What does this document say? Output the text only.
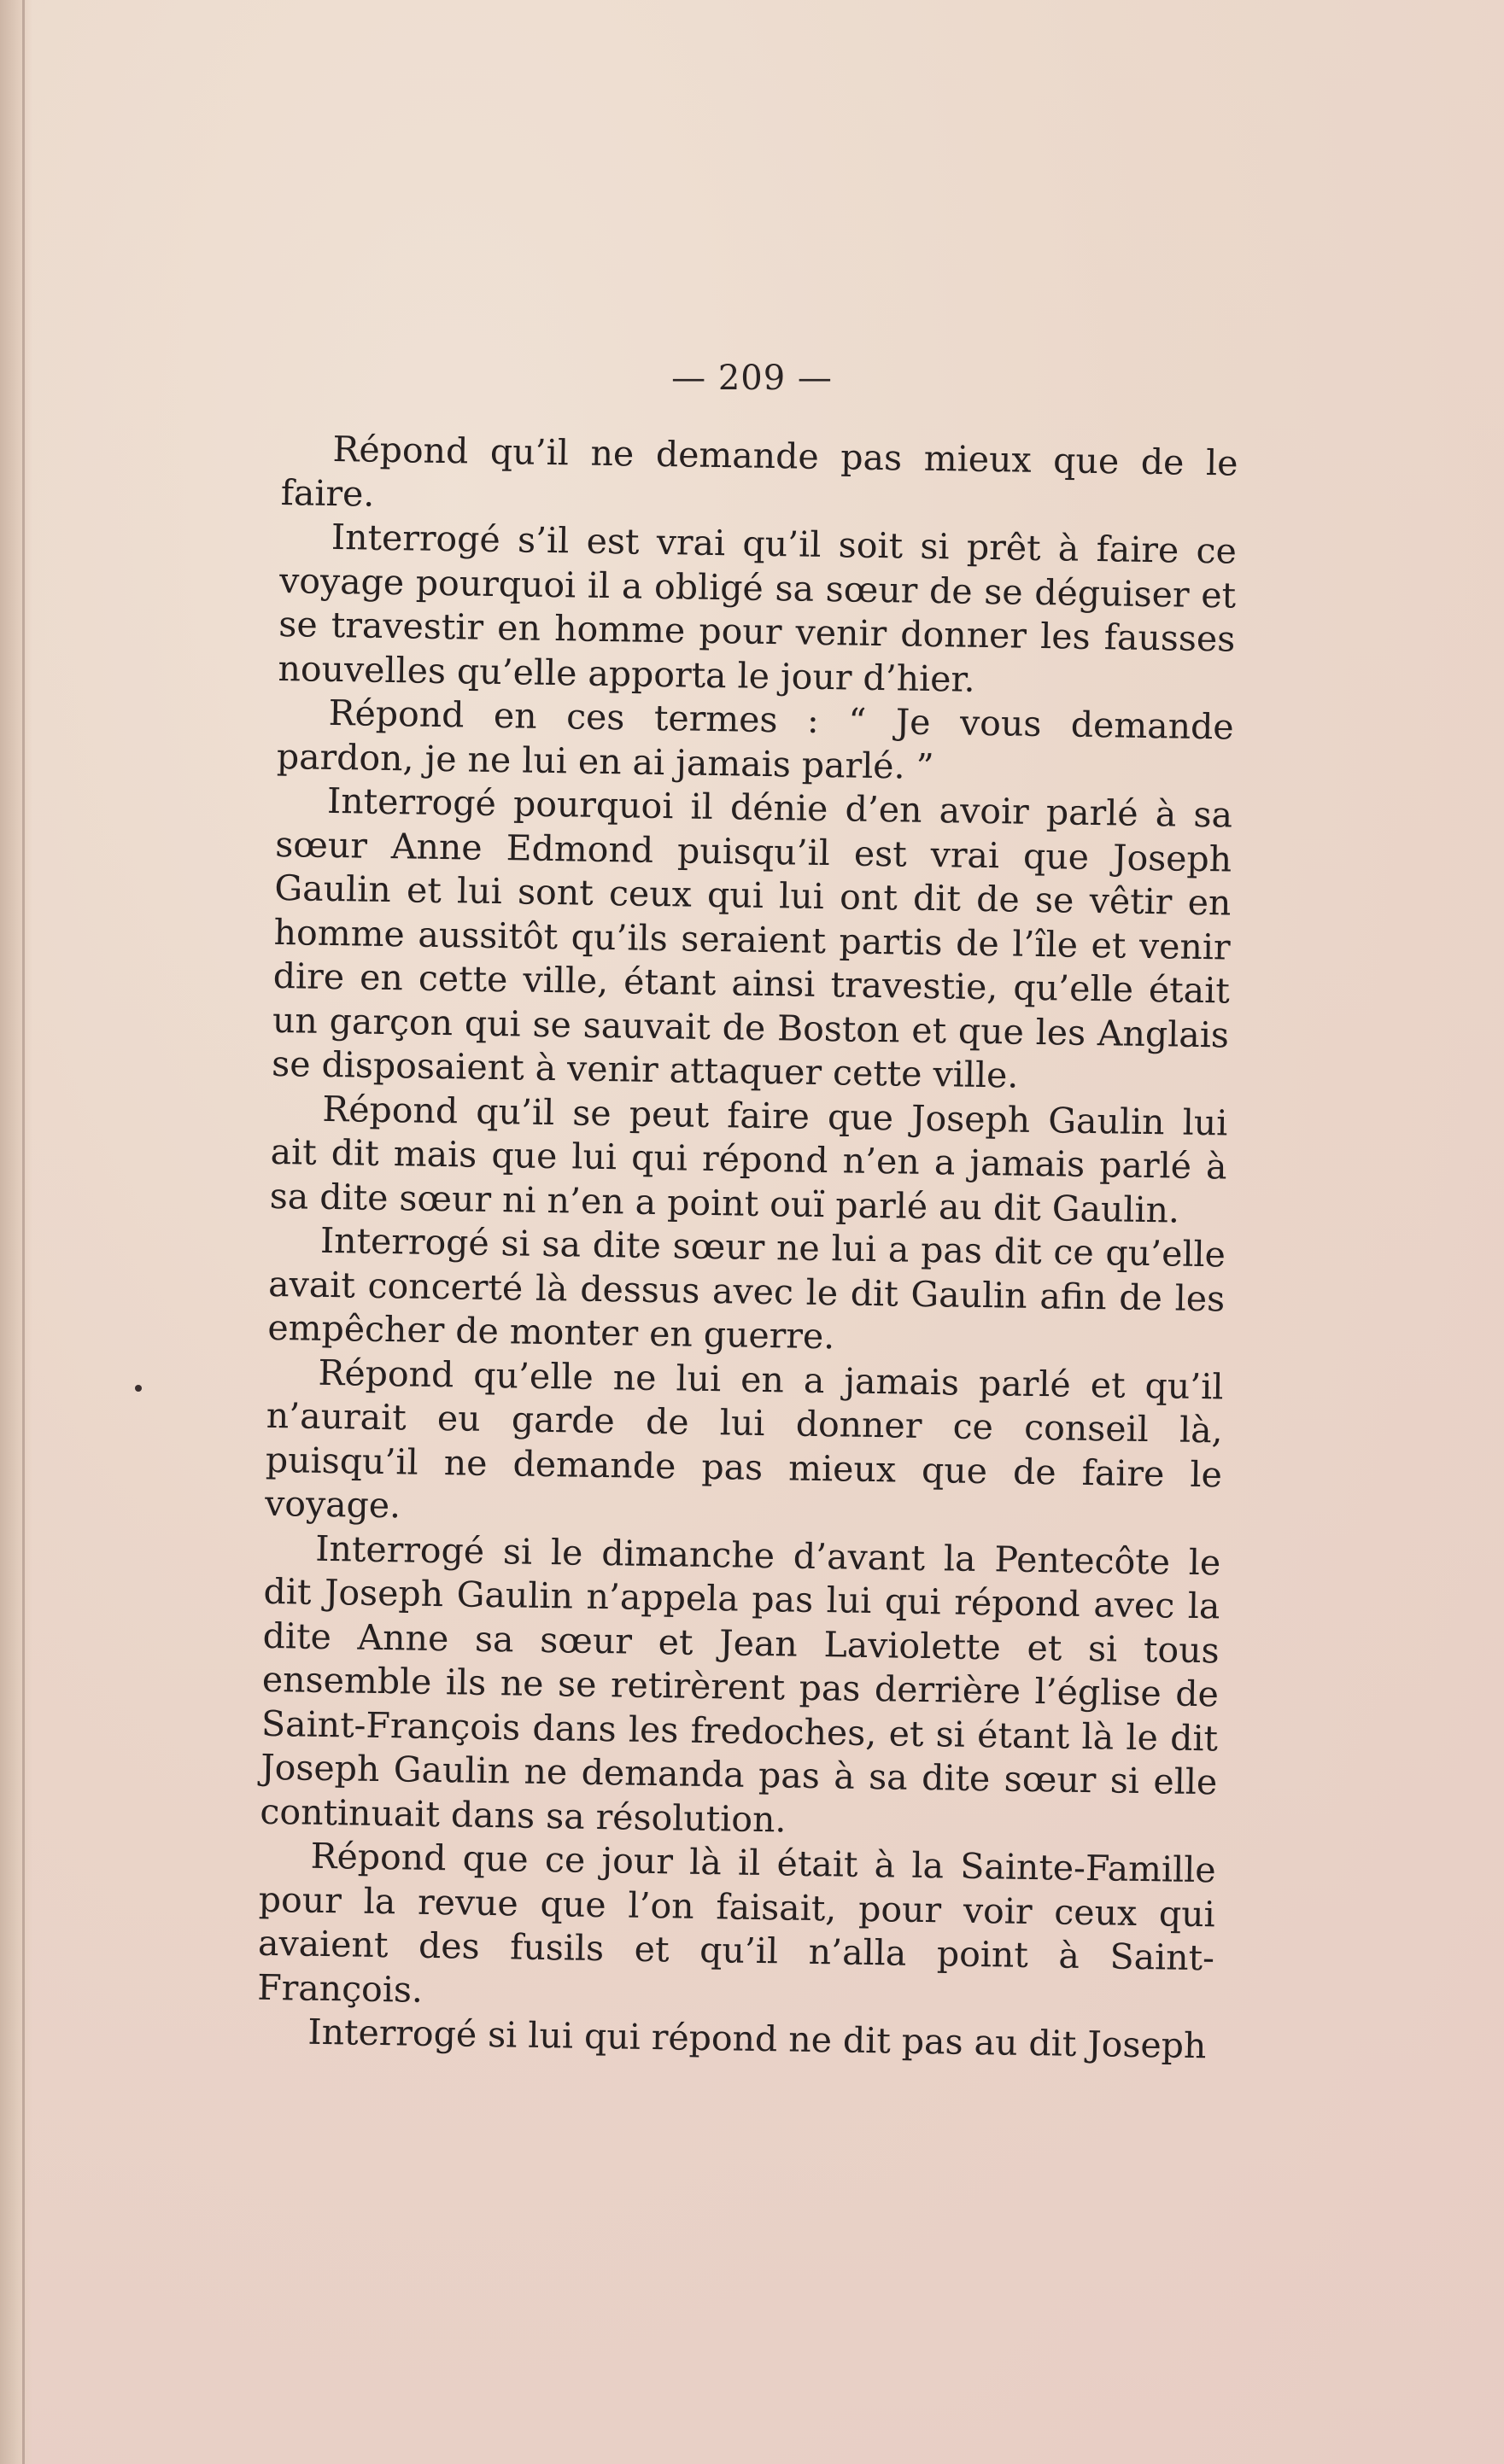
— 209 —

Répond qu’il ne demande pas mieux que de le faire.

Interrogé s’il est vrai qu’il soit si prêt à faire ce voyage pourquoi il a obligé sa sœur de se déguiser et se travestir en homme pour venir donner les fausses nouvelles qu’elle apporta le jour d’hier.

Répond en ces termes : “ Je vous demande pardon, je ne lui en ai jamais parlé. ”

Interrogé pourquoi il dénie d’en avoir parlé à sa sœur Anne Edmond puisqu’il est vrai que Joseph Gaulin et lui sont ceux qui lui ont dit de se vêtir en homme aussitôt qu’ils seraient partis de l’île et venir dire en cette ville, étant ainsi travestie, qu’elle était un garçon qui se sauvait de Boston et que les Anglais se disposaient à venir attaquer cette ville.

Répond qu’il se peut faire que Joseph Gaulin lui ait dit mais que lui qui répond n’en a jamais parlé à sa dite sœur ni n’en a point ouï parlé au dit Gaulin.

Interrogé si sa dite sœur ne lui a pas dit ce qu’elle avait concerté là dessus avec le dit Gaulin afin de les empêcher de monter en guerre.

Répond qu’elle ne lui en a jamais parlé et qu’il n’aurait eu garde de lui donner ce conseil là, puisqu’il ne demande pas mieux que de faire le voyage.

Interrogé si le dimanche d’avant la Pentecôte le dit Joseph Gaulin n’appela pas lui qui répond avec la dite Anne sa sœur et Jean Laviolette et si tous ensemble ils ne se retirèrent pas derrière l’église de Saint-François dans les fredoches, et si étant là le dit Joseph Gaulin ne demanda pas à sa dite sœur si elle continuait dans sa résolution.

Répond que ce jour là il était à la Sainte-Famille pour la revue que l’on faisait, pour voir ceux qui avaient des fusils et qu’il n’alla point à Saint-François.

Interrogé si lui qui répond ne dit pas au dit Joseph
